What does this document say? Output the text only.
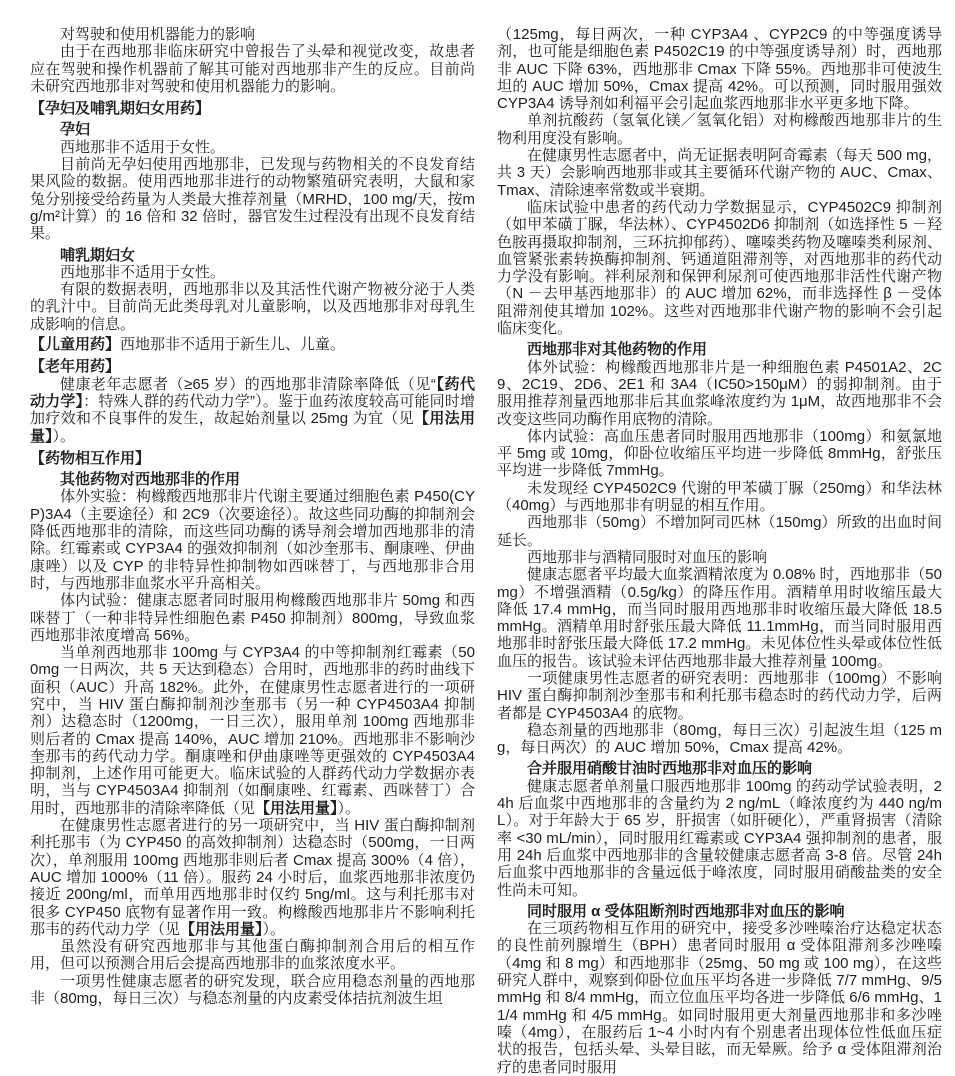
对驾驶和使用机器能力的影响

由于在西地那非临床研究中曾报告了头晕和视觉改变，故患者应在驾驶和操作机器前了解其可能对西地那非产生的反应。目前尚未研究西地那非对驾驶和使用机器能力的影响。

【孕妇及哺乳期妇女用药】

孕妇

西地那非不适用于女性。

目前尚无孕妇使用西地那非，已发现与药物相关的不良发育结果风险的数据。使用西地那非进行的动物繁殖研究表明，大鼠和家兔分别接受给药量为人类最大推荐剂量（MRHD，100 mg/天，按mg/m²计算）的 16 倍和 32 倍时，器官发生过程没有出现不良发育结果。

哺乳期妇女

西地那非不适用于女性。

有限的数据表明，西地那非以及其活性代谢产物被分泌于人类的乳汁中。目前尚无此类母乳对儿童影响，以及西地那非对母乳生成影响的信息。

【儿童用药】西地那非不适用于新生儿、儿童。

【老年用药】

健康老年志愿者（≥65 岁）的西地那非清除率降低（见“【药代动力学】：特殊人群的药代动力学”）。鉴于血药浓度较高可能同时增加疗效和不良事件的发生，故起始剂量以 25mg 为宜（见【用法用量】）。

【药物相互作用】

其他药物对西地那非的作用

体外实验：枸橼酸西地那非片代谢主要通过细胞色素 P450(CYP)3A4（主要途径）和 2C9（次要途径）。故这些同功酶的抑制剂会降低西地那非的清除，而这些同功酶的诱导剂会增加西地那非的清除。红霉素或 CYP3A4 的强效抑制剂（如沙奎那韦、酮康唑、伊曲康唑）以及 CYP 的非特异性抑制物如西咪替丁，与西地那非合用时，与西地那非血浆水平升高相关。

体内试验：健康志愿者同时服用枸橼酸西地那非片 50mg 和西咪替丁（一种非特异性细胞色素 P450 抑制剂）800mg，导致血浆西地那非浓度增高 56%。

当单剂西地那非 100mg 与 CYP3A4 的中等抑制剂红霉素（500mg 一日两次，共 5 天达到稳态）合用时，西地那非的药时曲线下面积（AUC）升高 182%。此外，在健康男性志愿者进行的一项研究中，当 HIV 蛋白酶抑制剂沙奎那韦（另一种 CYP4503A4 抑制剂）达稳态时（1200mg，一日三次），服用单剂 100mg 西地那非则后者的 Cmax 提高 140%，AUC 增加 210%。西地那非不影响沙奎那韦的药代动力学。酮康唑和伊曲康唑等更强效的 CYP4503A4 抑制剂，上述作用可能更大。临床试验的人群药代动力学数据亦表明，当与 CYP4503A4 抑制剂（如酮康唑、红霉素、西咪替丁）合用时，西地那非的清除率降低（见【用法用量】）。

在健康男性志愿者进行的另一项研究中，当 HIV 蛋白酶抑制剂利托那韦（为 CYP450 的高效抑制剂）达稳态时（500mg，一日两次），单剂服用 100mg 西地那非则后者 Cmax 提高 300%（4 倍），AUC 增加 1000%（11 倍）。服药 24 小时后，血浆西地那非浓度仍接近 200ng/ml，而单用西地那非时仅约 5ng/ml。这与利托那韦对很多 CYP450 底物有显著作用一致。枸橼酸西地那非片不影响利托那韦的药代动力学（见【用法用量】）。

虽然没有研究西地那非与其他蛋白酶抑制剂合用后的相互作用，但可以预测合用后会提高西地那非的血浆浓度水平。

一项男性健康志愿者的研究发现，联合应用稳态剂量的西地那非（80mg，每日三次）与稳态剂量的内皮素受体拮抗剂波生坦

（125mg，每日两次，一种 CYP3A4 、CYP2C9 的中等强度诱导剂，也可能是细胞色素 P4502C19 的中等强度诱导剂）时，西地那非 AUC 下降 63%，西地那非 Cmax 下降 55%。西地那非可使波生坦的 AUC 增加 50%，Cmax 提高 42%。可以预测，同时服用强效 CYP3A4 诱导剂如利福平会引起血浆西地那非水平更多地下降。

单剂抗酸药（氢氧化镁／氢氧化铝）对枸橼酸西地那非片的生物利用度没有影响。

在健康男性志愿者中，尚无证据表明阿奇霉素（每天 500 mg，共 3 天）会影响西地那非或其主要循环代谢产物的 AUC、Cmax、Tmax、清除速率常数或半衰期。

临床试验中患者的药代动力学数据显示，CYP4502C9 抑制剂（如甲苯磺丁脲，华法林）、CYP4502D6 抑制剂（如选择性 5 －羟色胺再摄取抑制剂，三环抗抑郁药）、噻嗪类药物及噻嗪类利尿剂、血管紧张素转换酶抑制剂、钙通道阻滞剂等，对西地那非的药代动力学没有影响。袢利尿剂和保钾利尿剂可使西地那非活性代谢产物（N －去甲基西地那非）的 AUC 增加 62%，而非选择性 β －受体阻滞剂使其增加 102%。这些对西地那非代谢产物的影响不会引起临床变化。

西地那非对其他药物的作用

体外试验：枸橼酸西地那非片是一种细胞色素 P4501A2、2C9、2C19、2D6、2E1 和 3A4（IC50>150μM）的弱抑制剂。由于服用推荐剂量西地那非后其血浆峰浓度约为 1μM，故西地那非不会改变这些同功酶作用底物的清除。

体内试验：高血压患者同时服用西地那非（100mg）和氨氯地平 5mg 或 10mg，仰卧位收缩压平均进一步降低 8mmHg，舒张压平均进一步降低 7mmHg。

未发现经 CYP4502C9 代谢的甲苯磺丁脲（250mg）和华法林（40mg）与西地那非有明显的相互作用。

西地那非（50mg）不增加阿司匹林（150mg）所致的出血时间延长。

西地那非与酒精同服时对血压的影响

健康志愿者平均最大血浆酒精浓度为 0.08% 时，西地那非（50mg）不增强酒精（0.5g/kg）的降压作用。酒精单用时收缩压最大降低 17.4 mmHg，而当同时服用西地那非时收缩压最大降低 18.5 mmHg。酒精单用时舒张压最大降低 11.1mmHg，而当同时服用西地那非时舒张压最大降低 17.2 mmHg。未见体位性头晕或体位性低血压的报告。该试验未评估西地那非最大推荐剂量 100mg。

一项健康男性志愿者的研究表明：西地那非（100mg）不影响 HIV 蛋白酶抑制剂沙奎那韦和利托那韦稳态时的药代动力学，后两者都是 CYP4503A4 的底物。

稳态剂量的西地那非（80mg，每日三次）引起波生坦（125 mg，每日两次）的 AUC 增加 50%，Cmax 提高 42%。

合并服用硝酸甘油时西地那非对血压的影响

健康志愿者单剂量口服西地那非 100mg 的药动学试验表明，24h 后血浆中西地那非的含量约为 2 ng/mL（峰浓度约为 440 ng/mL）。对于年龄大于 65 岁，肝损害（如肝硬化），严重肾损害（清除率 <30 mL/min），同时服用红霉素或 CYP3A4 强抑制剂的患者，服用 24h 后血浆中西地那非的含量较健康志愿者高 3-8 倍。尽管 24h 后血浆中西地那非的含量远低于峰浓度，同时服用硝酸盐类的安全性尚未可知。

同时服用 α 受体阻断剂时西地那非对血压的影响

在三项药物相互作用的研究中，接受多沙唑嗪治疗达稳定状态的良性前列腺增生（BPH）患者同时服用 α 受体阻滞剂多沙唑嗪（4mg 和 8 mg）和西地那非（25mg、50 mg 或 100 mg），在这些研究人群中，观察到仰卧位血压平均各进一步降低 7/7 mmHg、9/5 mmHg 和 8/4 mmHg，而立位血压平均各进一步降低 6/6 mmHg、11/4 mmHg 和 4/5 mmHg。如同时服用更大剂量西地那非和多沙唑嗪（4mg），在服药后 1~4 小时内有个别患者出现体位性低血压症状的报告，包括头晕、头晕目眩，而无晕厥。给予 α 受体阻滞剂治疗的患者同时服用
